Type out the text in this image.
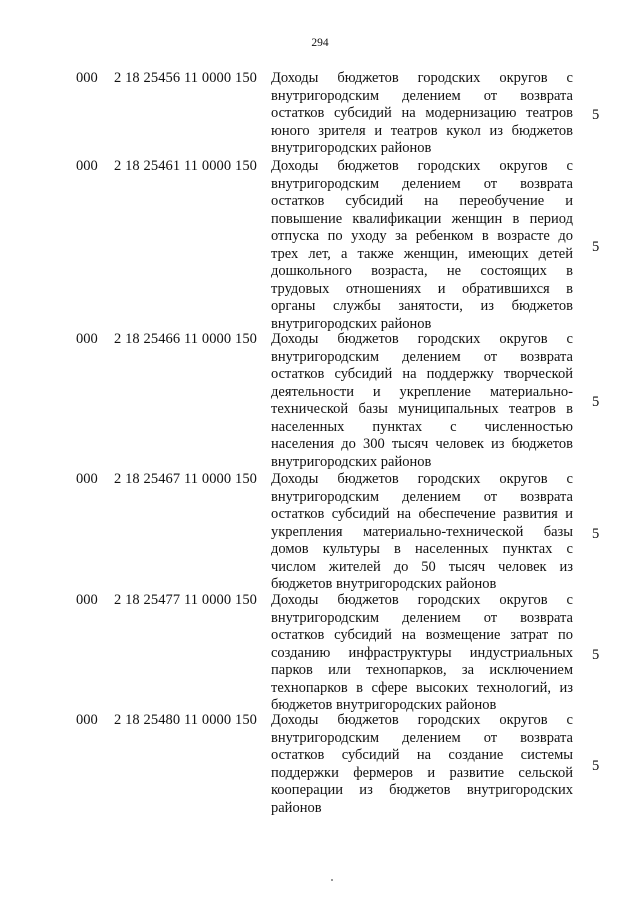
294
000 2 18 25456 11 0000 150 Доходы бюджетов городских округов с
внутригородским делением от возврата
остатков субсидий на модернизацию театров
юного зрителя и театров кукол из бюджетов
внутригородских районов
5
000 2 18 25461 11 0000 150 Доходы бюджетов городских округов с
внутригородским делением от возврата
остатков субсидий на переобучение и
повышение квалификации женщин в период
отпуска по уходу за ребенком в возрасте до
трех лет, а также женщин, имеющих детей
дошкольного возраста, не состоящих в
трудовых отношениях и обратившихся в
органы службы занятости, из бюджетов
внутригородских районов
5
000 2 18 25466 11 0000 150 Доходы бюджетов городских округов с
внутригородским делением от возврата
остатков субсидий на поддержку творческой
деятельности и укрепление материально-
технической базы муниципальных театров в
населенных пунктах с численностью
населения до 300 тысяч человек из бюджетов
внутригородских районов
5
000 2 18 25467 11 0000 150 Доходы бюджетов городских округов с
внутригородским делением от возврата
остатков субсидий на обеспечение развития и
укрепления материально-технической базы
домов культуры в населенных пунктах с
числом жителей до 50 тысяч человек из
бюджетов внутригородских районов
5
000 2 18 25477 11 0000 150 Доходы бюджетов городских округов с
внутригородским делением от возврата
остатков субсидий на возмещение затрат по
созданию инфраструктуры индустриальных
парков или технопарков, за исключением
технопарков в сфере высоких технологий, из
бюджетов внутригородских районов
5
000 2 18 25480 11 0000 150 Доходы бюджетов городских округов с
внутригородским делением от возврата
остатков субсидий на создание системы
поддержки фермеров и развитие сельской
кооперации из бюджетов внутригородских
районов
5
